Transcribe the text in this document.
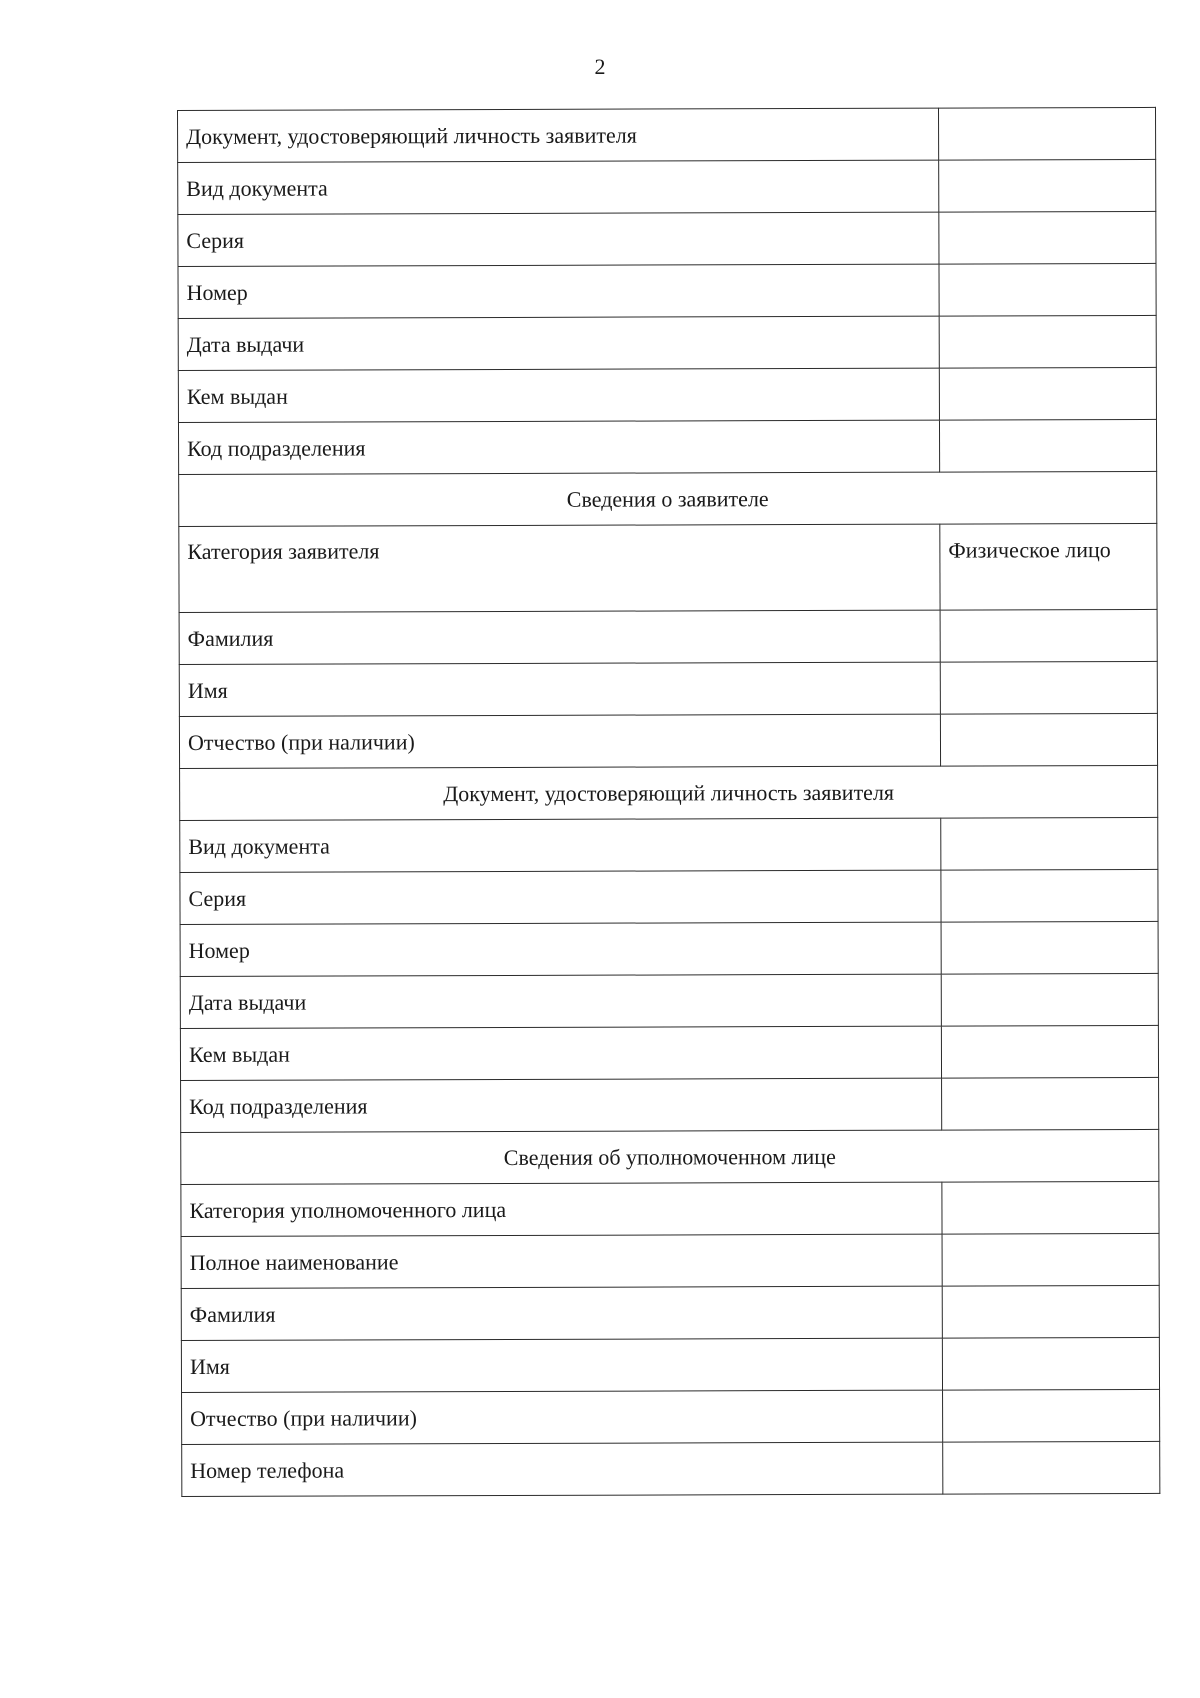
2
Документ, удостоверяющий личность заявителя	
Вид документа	
Серия	
Номер	
Дата выдачи	
Кем выдан	
Код подразделения	
Сведения о заявителе	
Категория заявителя	Физическое лицо
Фамилия	
Имя	
Отчество (при наличии)	
Документ, удостоверяющий личность заявителя	
Вид документа	
Серия	
Номер	
Дата выдачи	
Кем выдан	
Код подразделения	
Сведения об уполномоченном лице	
Категория уполномоченного лица	
Полное наименование	
Фамилия	
Имя	
Отчество (при наличии)	
Номер телефона	
